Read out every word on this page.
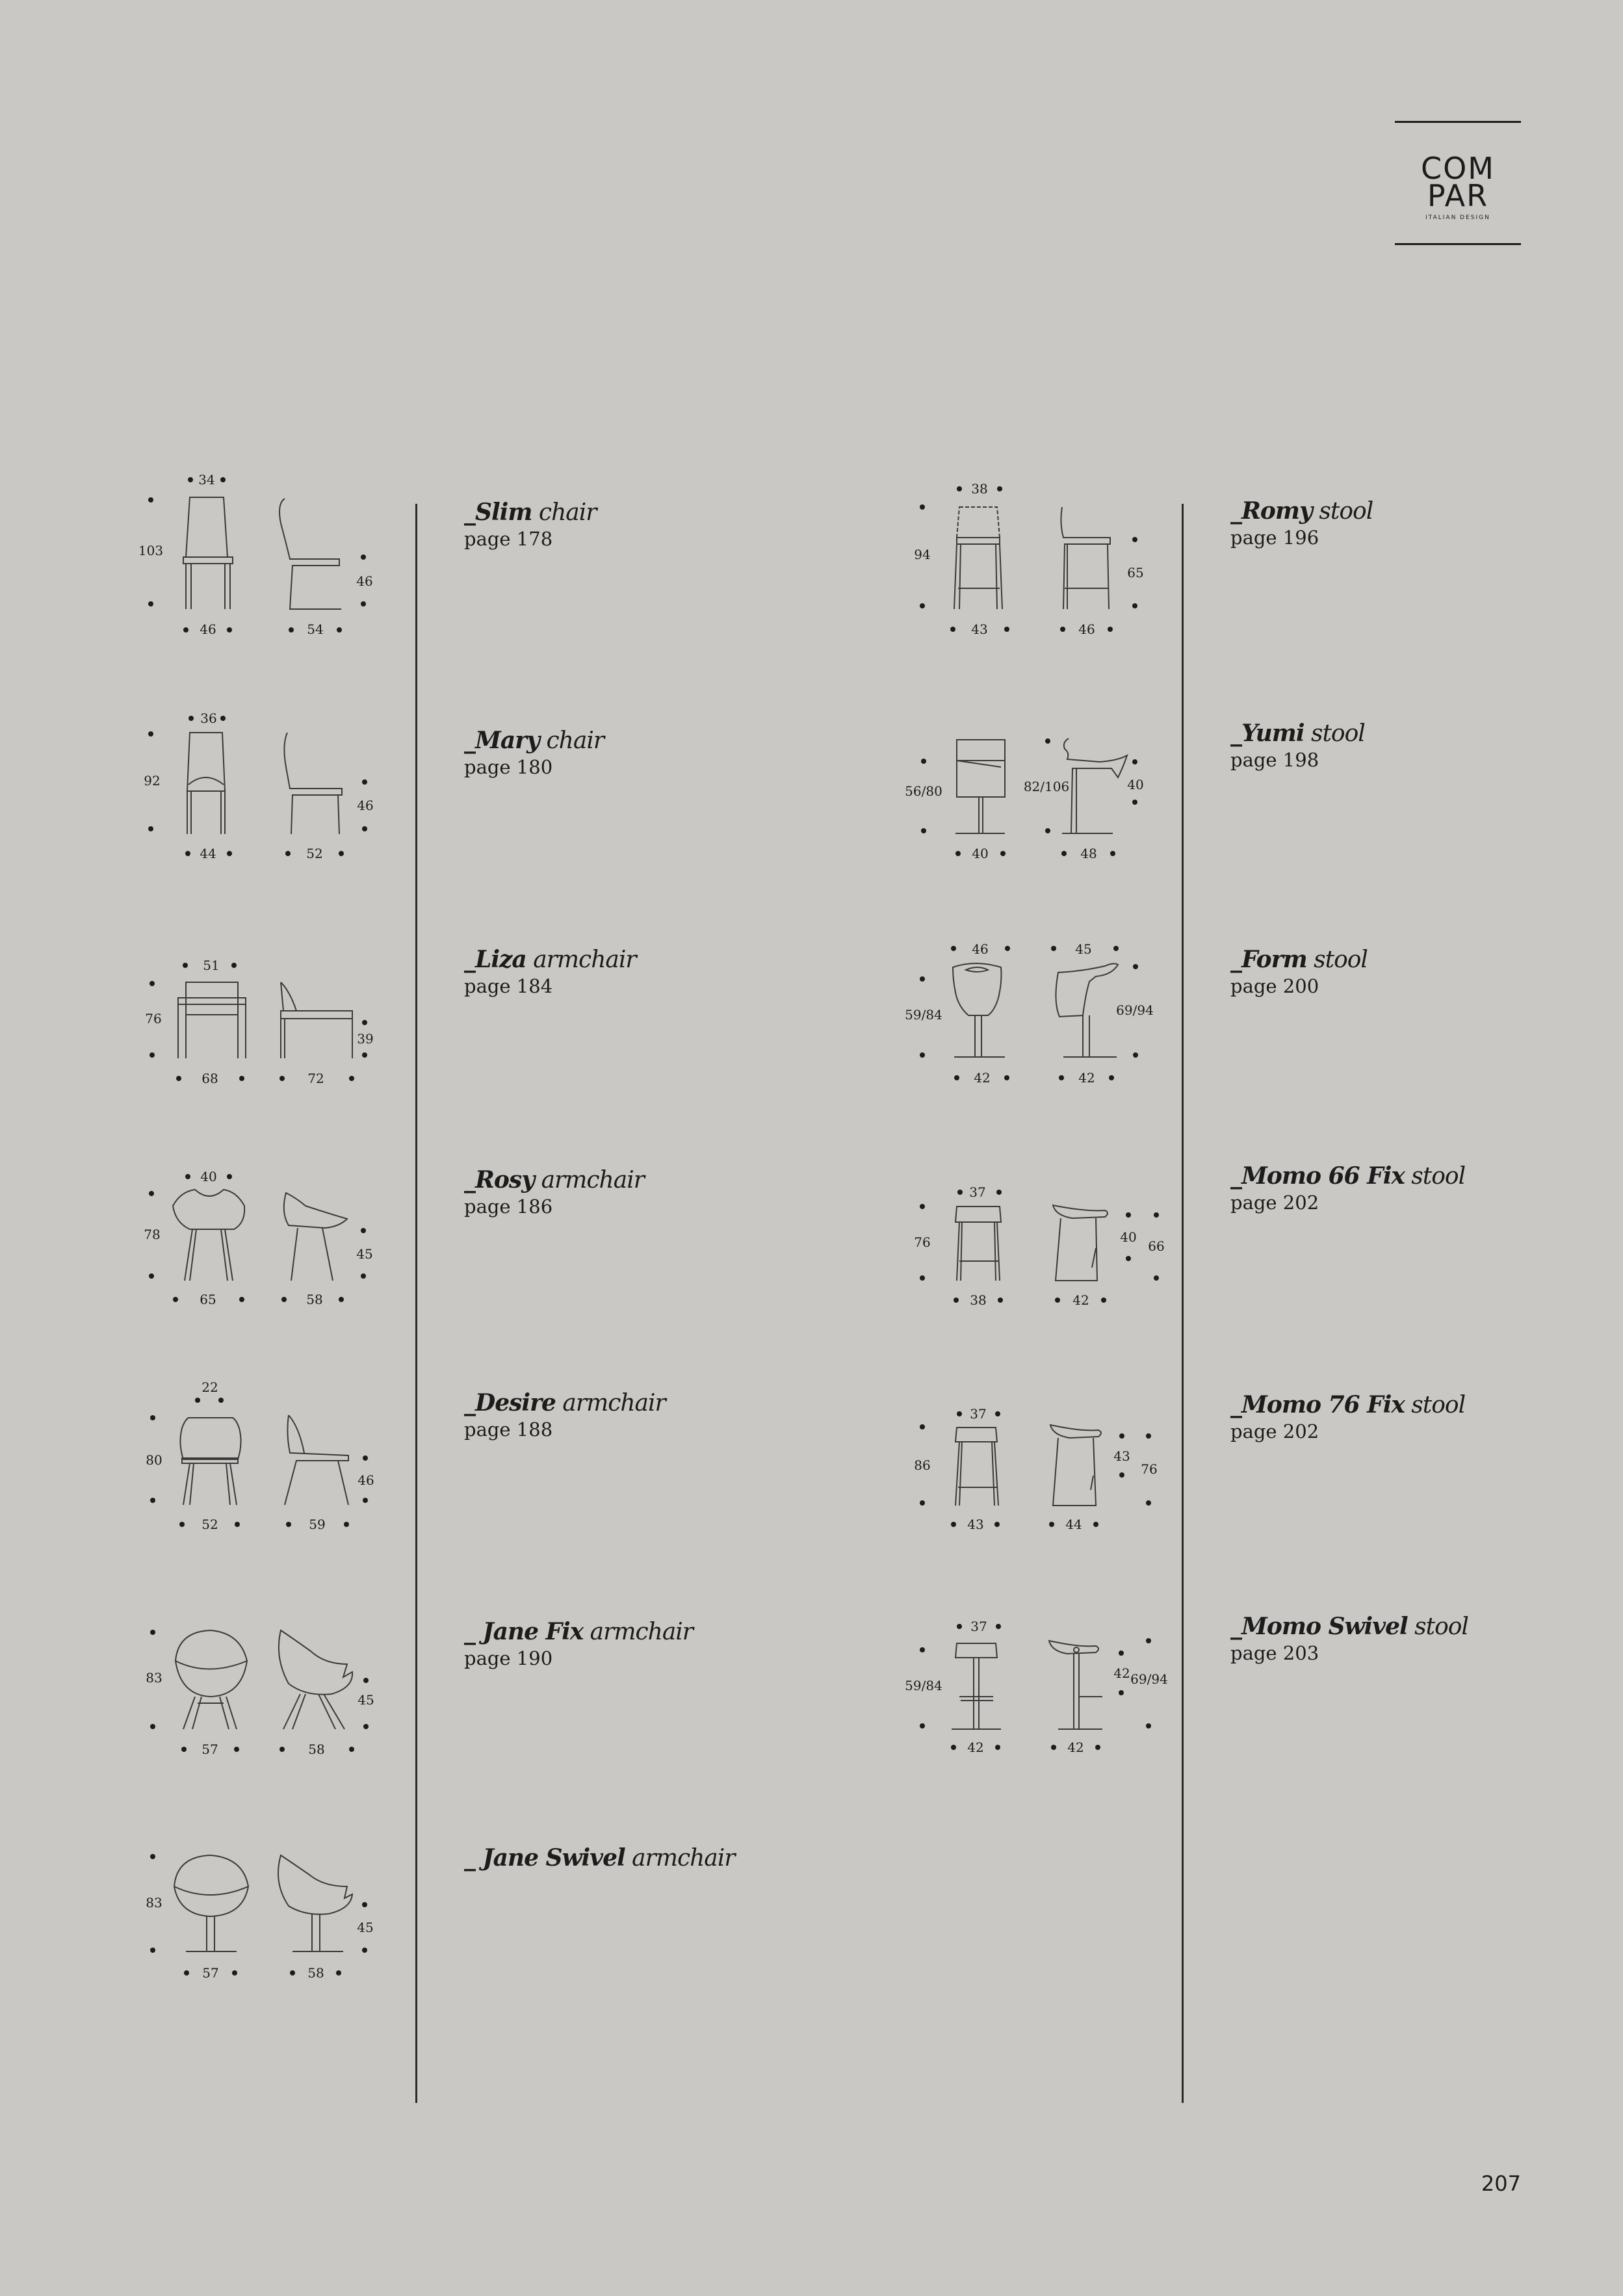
COM
PAR
ITALIAN DESIGN
34
103
46
46	54
_Slim chair
page 178
36
92
46
44	52
_Mary chair
page 180
51
76
39
68	72
_Liza armchair
page 184
40
78
45
65	58
_Rosy armchair
page 186
22
80
46
52	59
_Desire armchair
page 188
83
45
57	58
_ Jane Fix armchair
page 190
83
45
57	58
_ Jane Swivel armchair
38
94
65
43	46
_Romy stool
page 196
56/80	82/106	40
40	48
_Yumi stool
page 198
46	45
59/84	69/94
42	42
_Form stool
page 200
37
76	40
66
38	42
_Momo 66 Fix stool
page 202
37
86
43
76
43	44
_Momo 76 Fix stool
page 202
37
59/84
42 69/94
42	42
_Momo Swivel stool
page 203
207
